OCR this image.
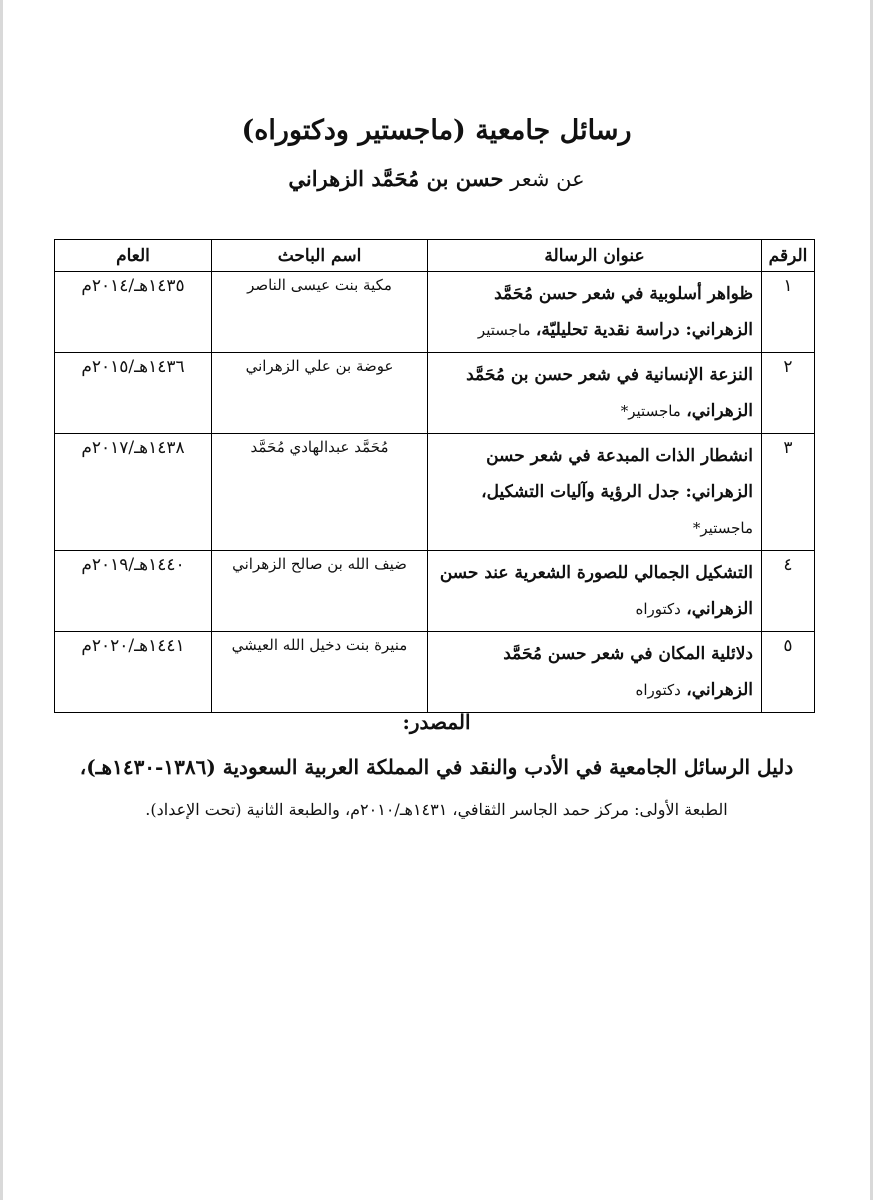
رسائل جامعية (ماجستير ودكتوراه)

عن شعر حسن بن مُحَمَّد الزهراني

الرقم	عنوان الرسالة	اسم الباحث	العام
١	ظواهر أسلوبية في شعر حسن مُحَمَّد الزهراني: دراسة نقدية تحليليّة، ماجستير	مكية بنت عيسى الناصر	١٤٣٥هـ/٢٠١٤م
٢	النزعة الإنسانية في شعر حسن بن مُحَمَّد الزهراني، ماجستير*	عوضة بن علي الزهراني	١٤٣٦هـ/٢٠١٥م
٣	انشطار الذات المبدعة في شعر حسن الزهراني: جدل الرؤية وآليات التشكيل، ماجستير*	مُحَمَّد عبدالهادي مُحَمَّد	١٤٣٨هـ/٢٠١٧م
٤	التشكيل الجمالي للصورة الشعرية عند حسن الزهراني، دكتوراه	ضيف الله بن صالح الزهراني	١٤٤٠هـ/٢٠١٩م
٥	دلائلية المكان في شعر حسن مُحَمَّد الزهراني، دكتوراه	منيرة بنت دخيل الله العيشي	١٤٤١هـ/٢٠٢٠م

المصدر:

دليل الرسائل الجامعية في الأدب والنقد في المملكة العربية السعودية (١٣٨٦-١٤٣٠هـ)،

الطبعة الأولى: مركز حمد الجاسر الثقافي، ١٤٣١هـ/٢٠١٠م، والطبعة الثانية (تحت الإعداد).
